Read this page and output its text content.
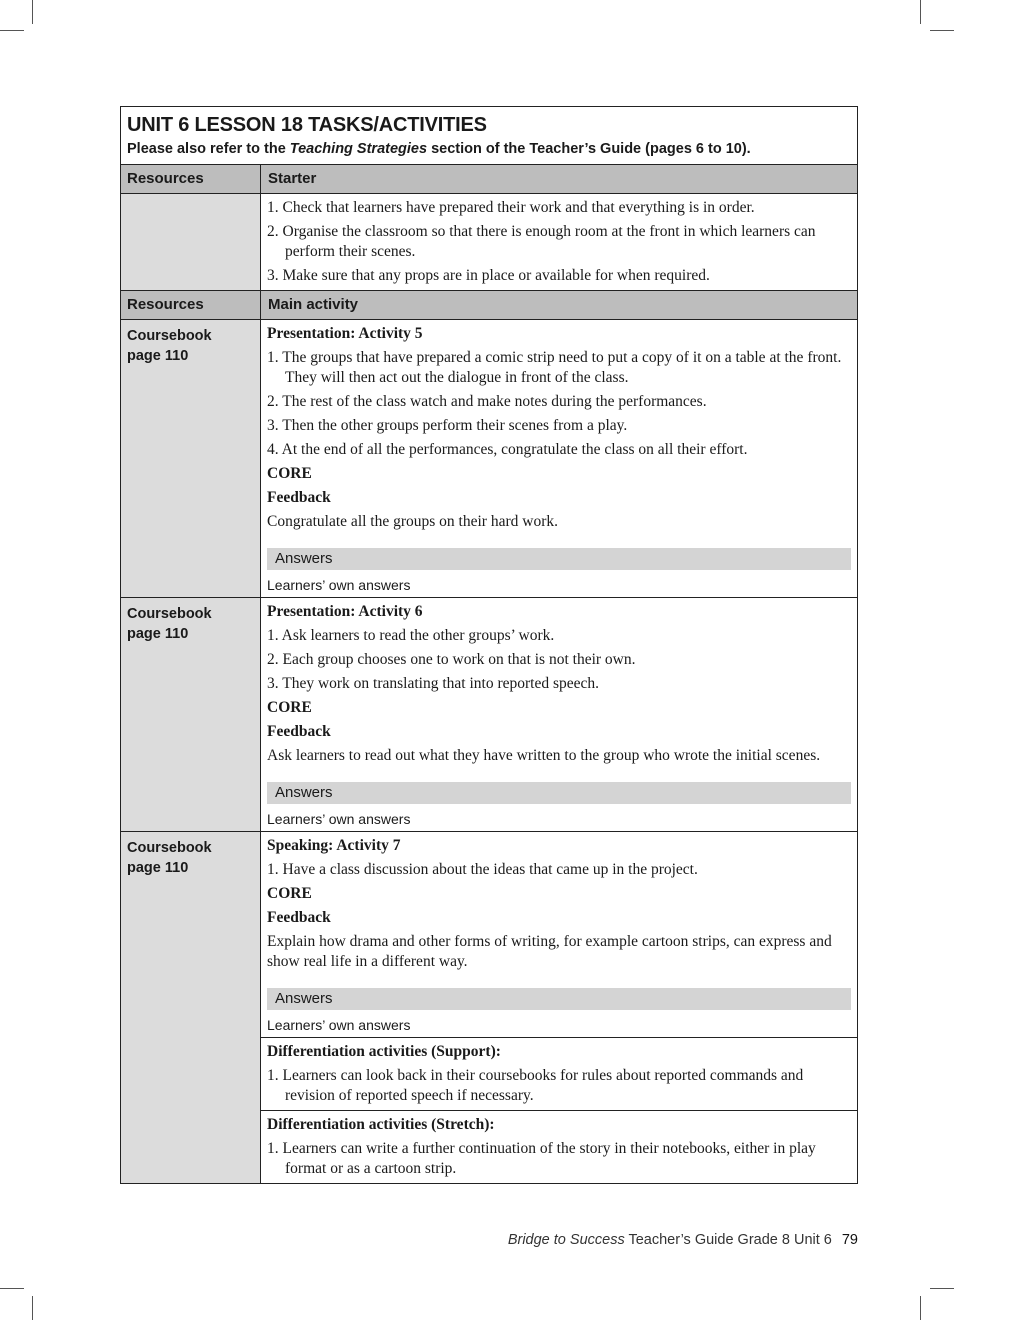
UNIT 6 LESSON 18 TASKS/ACTIVITIES
Please also refer to the Teaching Strategies section of the Teacher’s Guide (pages 6 to 10).
Resources	Starter
1. Check that learners have prepared their work and that everything is in order.
2. Organise the classroom so that there is enough room at the front in which learners can perform their scenes.
3. Make sure that any props are in place or available for when required.
Resources	Main activity
Coursebook
page 110
Presentation: Activity 5
1. The groups that have prepared a comic strip need to put a copy of it on a table at the front. They will then act out the dialogue in front of the class.
2. The rest of the class watch and make notes during the performances.
3. Then the other groups perform their scenes from a play.
4. At the end of all the performances, congratulate the class on all their effort.
CORE
Feedback
Congratulate all the groups on their hard work.
Answers
Learners’ own answers
Coursebook
page 110
Presentation: Activity 6
1. Ask learners to read the other groups’ work.
2. Each group chooses one to work on that is not their own.
3. They work on translating that into reported speech.
CORE
Feedback
Ask learners to read out what they have written to the group who wrote the initial scenes.
Answers
Learners’ own answers
Coursebook
page 110
Speaking: Activity 7
1. Have a class discussion about the ideas that came up in the project.
CORE
Feedback
Explain how drama and other forms of writing, for example cartoon strips, can express and show real life in a different way.
Answers
Learners’ own answers
Differentiation activities (Support):
1. Learners can look back in their coursebooks for rules about reported commands and revision of reported speech if necessary.
Differentiation activities (Stretch):
1. Learners can write a further continuation of the story in their notebooks, either in play format or as a cartoon strip.
Bridge to Success Teacher’s Guide Grade 8 Unit 6 79
